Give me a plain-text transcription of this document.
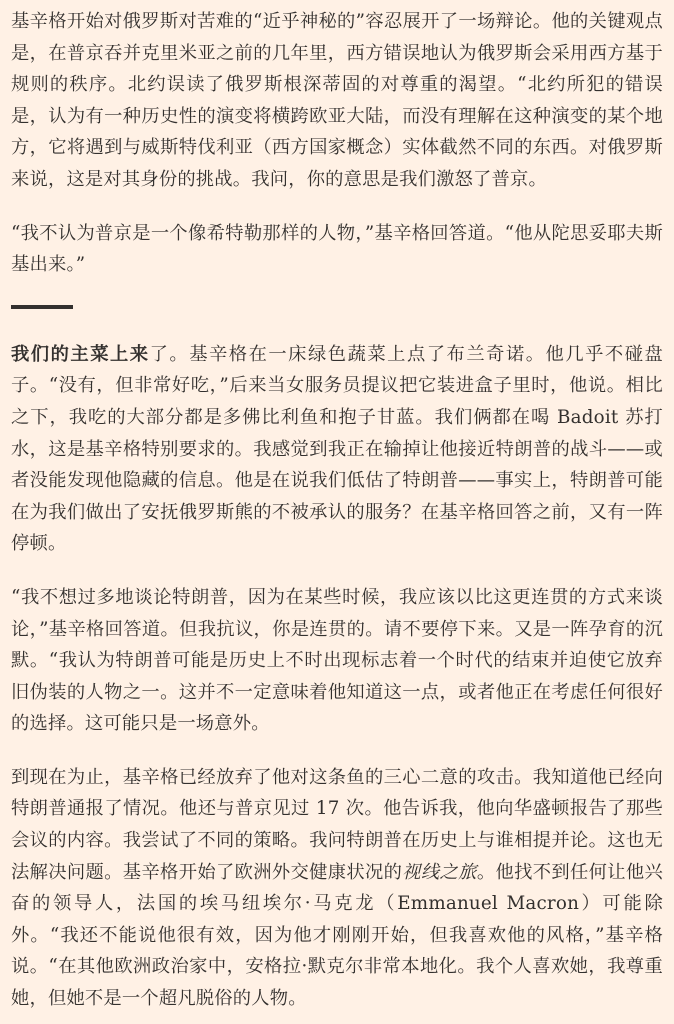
基辛格开始对俄罗斯对苦难的“近乎神秘的”容忍展开了一场辩论。他的关键观点是，在普京吞并克里米亚之前的几年里，西方错误地认为俄罗斯会采用西方基于规则的秩序。北约误读了俄罗斯根深蒂固的对尊重的渴望。“北约所犯的错误是，认为有一种历史性的演变将横跨欧亚大陆，而没有理解在这种演变的某个地方，它将遇到与威斯特伐利亚（西方国家概念）实体截然不同的东西。对俄罗斯来说，这是对其身份的挑战。我问，你的意思是我们激怒了普京。

“我不认为普京是一个像希特勒那样的人物，”基辛格回答道。“他从陀思妥耶夫斯基出来。”

我们的主菜上来了。基辛格在一床绿色蔬菜上点了布兰奇诺。他几乎不碰盘子。“没有，但非常好吃，”后来当女服务员提议把它装进盒子里时，他说。相比之下，我吃的大部分都是多佛比利鱼和抱子甘蓝。我们俩都在喝 Badoit 苏打水，这是基辛格特别要求的。我感觉到我正在输掉让他接近特朗普的战斗——或者没能发现他隐藏的信息。他是在说我们低估了特朗普——事实上，特朗普可能在为我们做出了安抚俄罗斯熊的不被承认的服务？在基辛格回答之前，又有一阵停顿。

“我不想过多地谈论特朗普，因为在某些时候，我应该以比这更连贯的方式来谈论，”基辛格回答道。但我抗议，你是连贯的。请不要停下来。又是一阵孕育的沉默。“我认为特朗普可能是历史上不时出现标志着一个时代的结束并迫使它放弃旧伪装的人物之一。这并不一定意味着他知道这一点，或者他正在考虑任何很好的选择。这可能只是一场意外。

到现在为止，基辛格已经放弃了他对这条鱼的三心二意的攻击。我知道他已经向特朗普通报了情况。他还与普京见过 17 次。他告诉我，他向华盛顿报告了那些会议的内容。我尝试了不同的策略。我问特朗普在历史上与谁相提并论。这也无法解决问题。基辛格开始了欧洲外交健康状况的视线之旅。他找不到任何让他兴奋的领导人，法国的埃马纽埃尔·马克龙（Emmanuel Macron）可能除外。“我还不能说他很有效，因为他才刚刚开始，但我喜欢他的风格，”基辛格说。“在其他欧洲政治家中，安格拉·默克尔非常本地化。我个人喜欢她，我尊重她，但她不是一个超凡脱俗的人物。
